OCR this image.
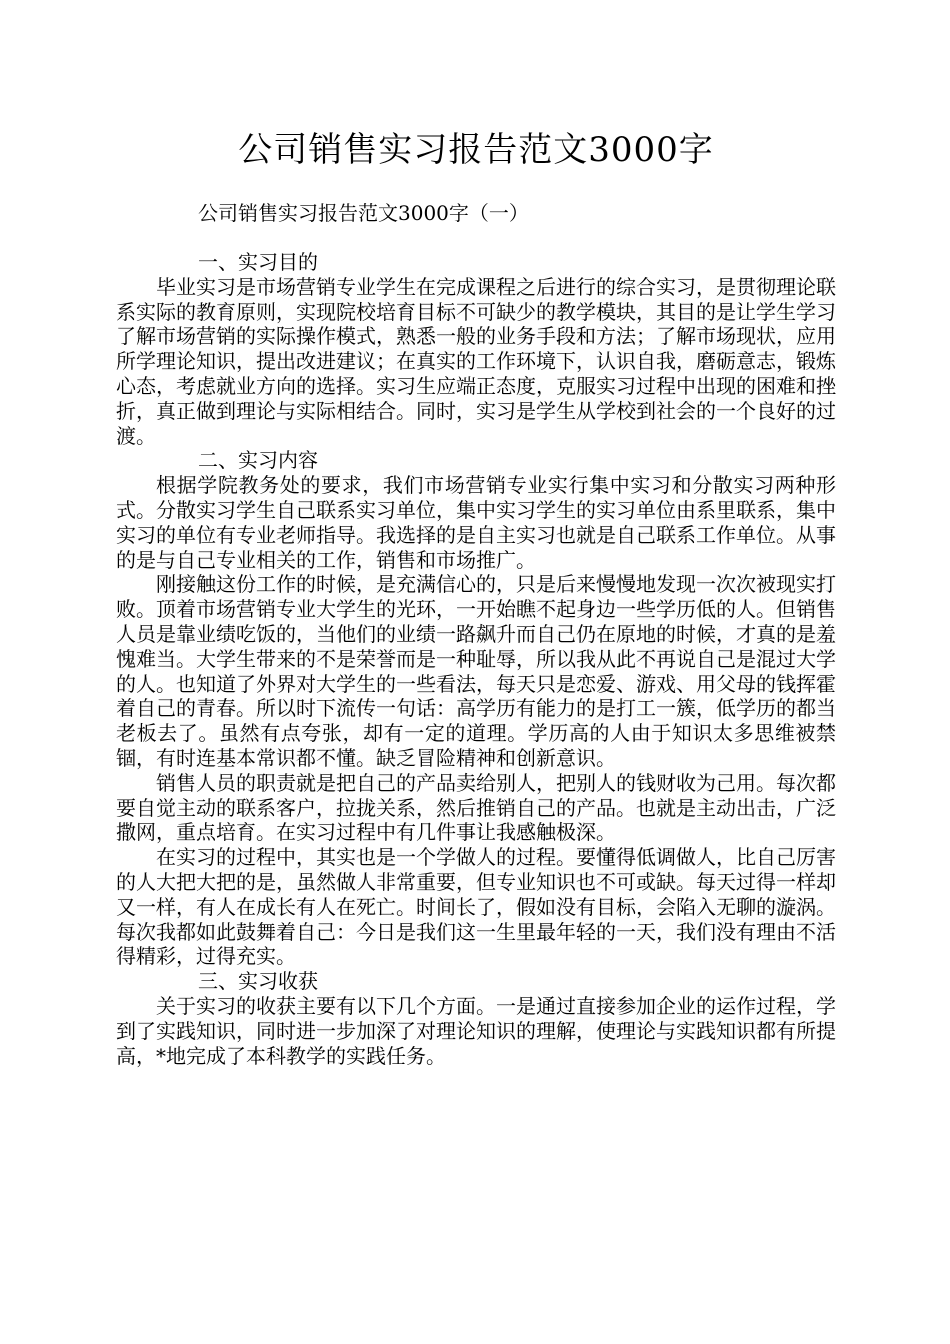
公司销售实习报告范文3000字
公司销售实习报告范文3000字（一）

一、实习目的

毕业实习是市场营销专业学生在完成课程之后进行的综合实习，是贯彻理论联系实际的教育原则，实现院校培育目标不可缺少的教学模块，其目的是让学生学习了解市场营销的实际操作模式，熟悉一般的业务手段和方法；了解市场现状，应用所学理论知识，提出改进建议；在真实的工作环境下，认识自我，磨砺意志，锻炼心态，考虑就业方向的选择。实习生应端正态度，克服实习过程中出现的困难和挫折，真正做到理论与实际相结合。同时，实习是学生从学校到社会的一个良好的过渡。

二、实习内容

根据学院教务处的要求，我们市场营销专业实行集中实习和分散实习两种形式。分散实习学生自己联系实习单位，集中实习学生的实习单位由系里联系，集中实习的单位有专业老师指导。我选择的是自主实习也就是自己联系工作单位。从事的是与自己专业相关的工作，销售和市场推广。

刚接触这份工作的时候，是充满信心的，只是后来慢慢地发现一次次被现实打败。顶着市场营销专业大学生的光环，一开始瞧不起身边一些学历低的人。但销售人员是靠业绩吃饭的，当他们的业绩一路飙升而自己仍在原地的时候，才真的是羞愧难当。大学生带来的不是荣誉而是一种耻辱，所以我从此不再说自己是混过大学的人。也知道了外界对大学生的一些看法，每天只是恋爱、游戏、用父母的钱挥霍着自己的青春。所以时下流传一句话：高学历有能力的是打工一簇，低学历的都当老板去了。虽然有点夸张，却有一定的道理。学历高的人由于知识太多思维被禁锢，有时连基本常识都不懂。缺乏冒险精神和创新意识。

销售人员的职责就是把自己的产品卖给别人，把别人的钱财收为己用。每次都要自觉主动的联系客户，拉拢关系，然后推销自己的产品。也就是主动出击，广泛撒网，重点培育。在实习过程中有几件事让我感触极深。

在实习的过程中，其实也是一个学做人的过程。要懂得低调做人，比自己厉害的人大把大把的是，虽然做人非常重要，但专业知识也不可或缺。每天过得一样却又一样，有人在成长有人在死亡。时间长了，假如没有目标，会陷入无聊的漩涡。每次我都如此鼓舞着自己：今日是我们这一生里最年轻的一天，我们没有理由不活得精彩，过得充实。

三、实习收获

关于实习的收获主要有以下几个方面。一是通过直接参加企业的运作过程，学到了实践知识，同时进一步加深了对理论知识的理解，使理论与实践知识都有所提高，*地完成了本科教学的实践任务。
